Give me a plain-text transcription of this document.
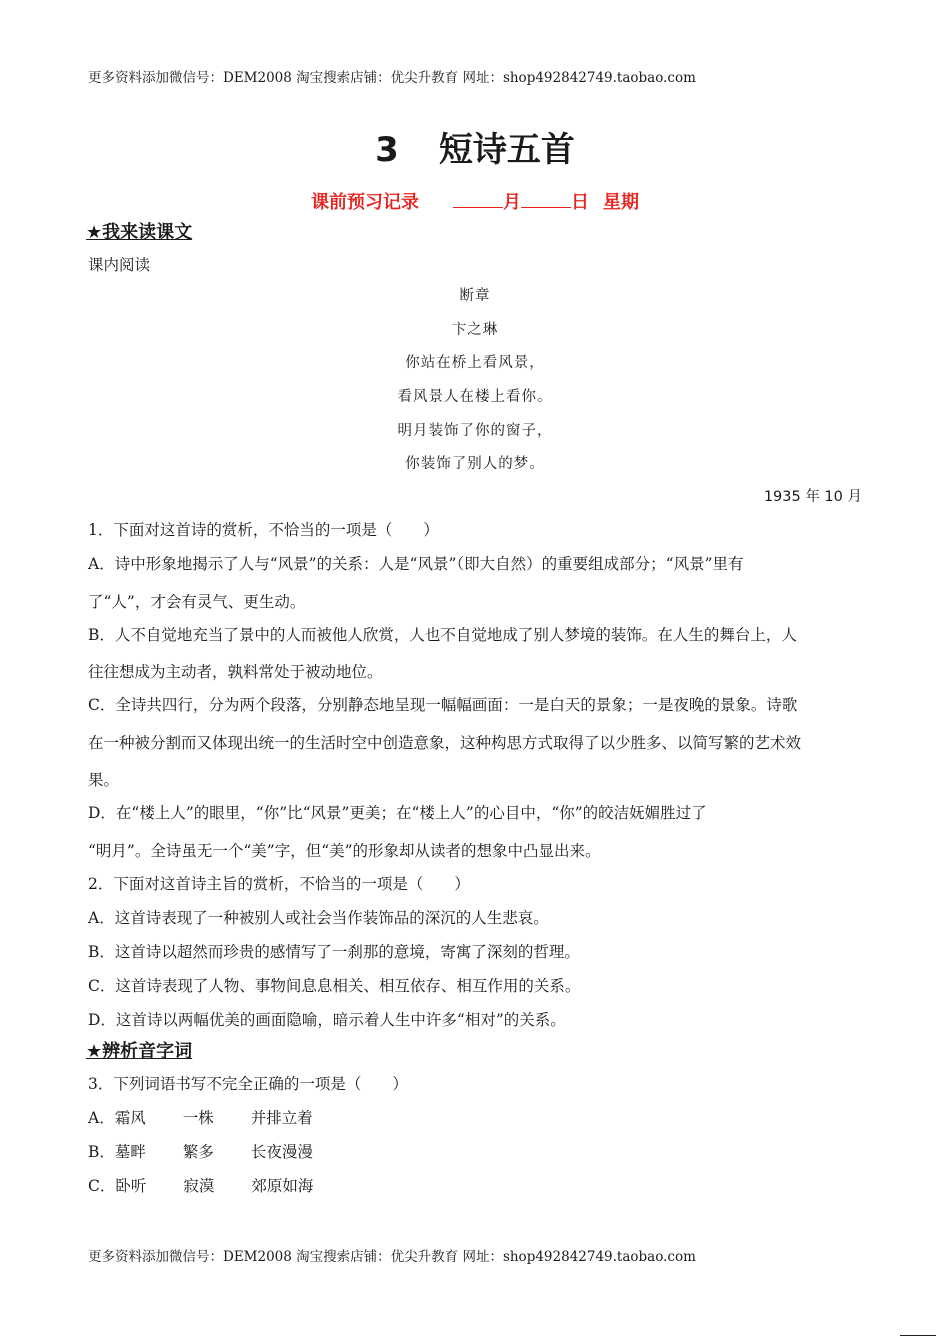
更多资料添加微信号：DEM2008 淘宝搜索店铺：优尖升教育 网址：shop492842749.taobao.com
3 短诗五首
课前预习记录	月	日 星期
★我来读课文
课内阅读
断章
卞之琳
你站在桥上看风景，
看风景人在楼上看你。
明月装饰了你的窗子，
你装饰了别人的梦。
1935 年 10 月
1．下面对这首诗的赏析，不恰当的一项是（　　）
A．诗中形象地揭示了人与“风景”的关系：人是“风景”（即大自然）的重要组成部分；“风景”里有
了“人”，才会有灵气、更生动。
B．人不自觉地充当了景中的人而被他人欣赏，人也不自觉地成了别人梦境的装饰。在人生的舞台上，人
往往想成为主动者，孰料常处于被动地位。
C．全诗共四行，分为两个段落，分别静态地呈现一幅幅画面：一是白天的景象；一是夜晚的景象。诗歌
在一种被分割而又体现出统一的生活时空中创造意象，这种构思方式取得了以少胜多、以简写繁的艺术效
果。
D．在“楼上人”的眼里，“你”比“风景”更美；在“楼上人”的心目中，“你”的皎洁妩媚胜过了
“明月”。全诗虽无一个“美”字，但“美”的形象却从读者的想象中凸显出来。
2．下面对这首诗主旨的赏析，不恰当的一项是（　　）
A．这首诗表现了一种被别人或社会当作装饰品的深沉的人生悲哀。
B．这首诗以超然而珍贵的感情写了一刹那的意境，寄寓了深刻的哲理。
C．这首诗表现了人物、事物间息息相关、相互依存、相互作用的关系。
D．这首诗以两幅优美的画面隐喻，暗示着人生中许多“相对”的关系。
★辨析音字词
3．下列词语书写不完全正确的一项是（　　）
A．霜风 一株 并排立着
B．墓畔 繁多 长夜漫漫
C．卧听 寂漠 郊原如海
更多资料添加微信号：DEM2008 淘宝搜索店铺：优尖升教育 网址：shop492842749.taobao.com
